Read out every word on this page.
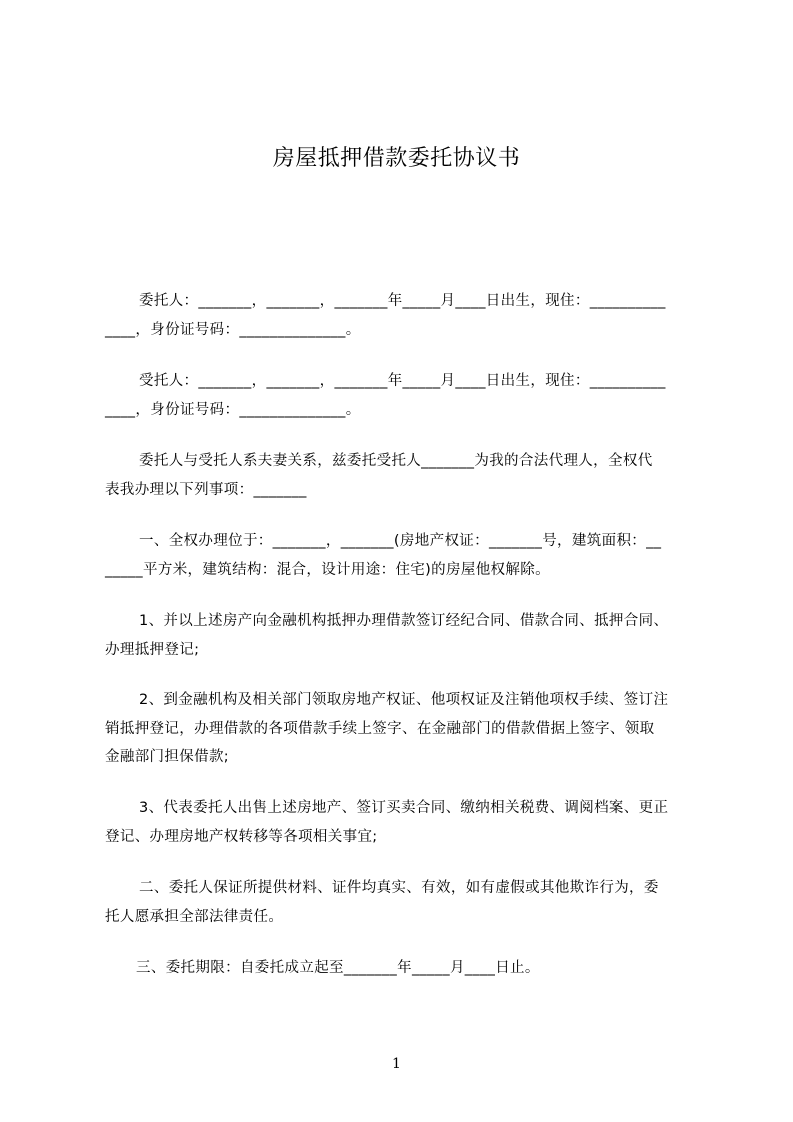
房屋抵押借款委托协议书
委托人：_______，_______，_______年_____月____日出生，现住：__________
____，身份证号码：______________。
受托人：_______，_______，_______年_____月____日出生，现住：__________
____，身份证号码：______________。
委托人与受托人系夫妻关系，兹委托受托人_______为我的合法代理人，全权代
表我办理以下列事项：_______
一、全权办理位于：_______，_______(房地产权证：_______号，建筑面积：__
_____平方米，建筑结构：混合，设计用途：住宅)的房屋他权解除。
1、并以上述房产向金融机构抵押办理借款签订经纪合同、借款合同、抵押合同、
办理抵押登记;
2、到金融机构及相关部门领取房地产权证、他项权证及注销他项权手续、签订注
销抵押登记，办理借款的各项借款手续上签字、在金融部门的借款借据上签字、领取
金融部门担保借款;
3、代表委托人出售上述房地产、签订买卖合同、缴纳相关税费、调阅档案、更正
登记、办理房地产权转移等各项相关事宜;
二、委托人保证所提供材料、证件均真实、有效，如有虚假或其他欺诈行为，委
托人愿承担全部法律责任。
三、委托期限：自委托成立起至_______年_____月____日止。
1
